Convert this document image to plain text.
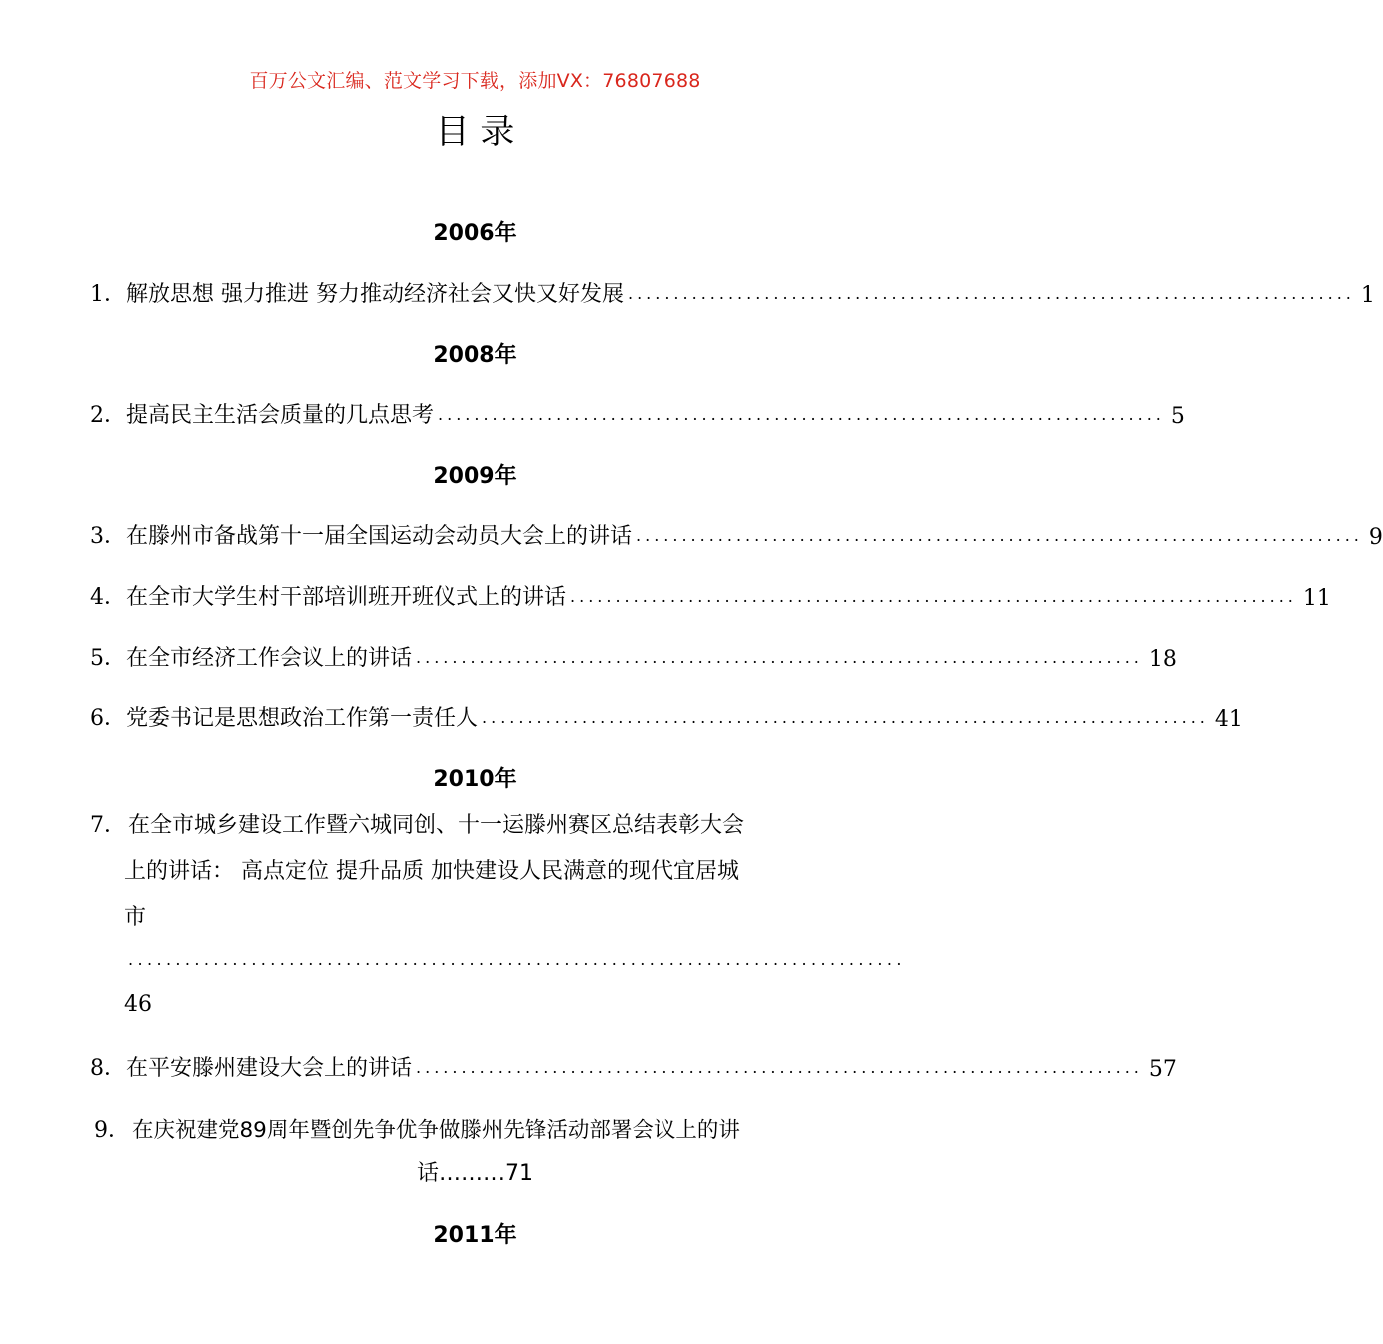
百万公文汇编、范文学习下载，添加VX：76807688
目 录
2006年
1． 解放思想 强力推进 努力推动经济社会又快又好发展 ................................................................................ 1
2008年
2． 提高民主生活会质量的几点思考 ................................................................................ 5
2009年
3． 在滕州市备战第十一届全国运动会动员大会上的讲话 ................................................................................ 9
4． 在全市大学生村干部培训班开班仪式上的讲话 ................................................................................ 11
5． 在全市经济工作会议上的讲话 ................................................................................ 18
6． 党委书记是思想政治工作第一责任人 ................................................................................ 41
2010年
7． 在全市城乡建设工作暨六城同创、十一运滕州赛区总结表彰大会
上的讲话： 高点定位 提升品质 加快建设人民满意的现代宜居城
市
..................................................................................
46
8． 在平安滕州建设大会上的讲话 ................................................................................ 57
9． 在庆祝建党89周年暨创先争优争做滕州先锋活动部署会议上的讲
话………71
2011年
